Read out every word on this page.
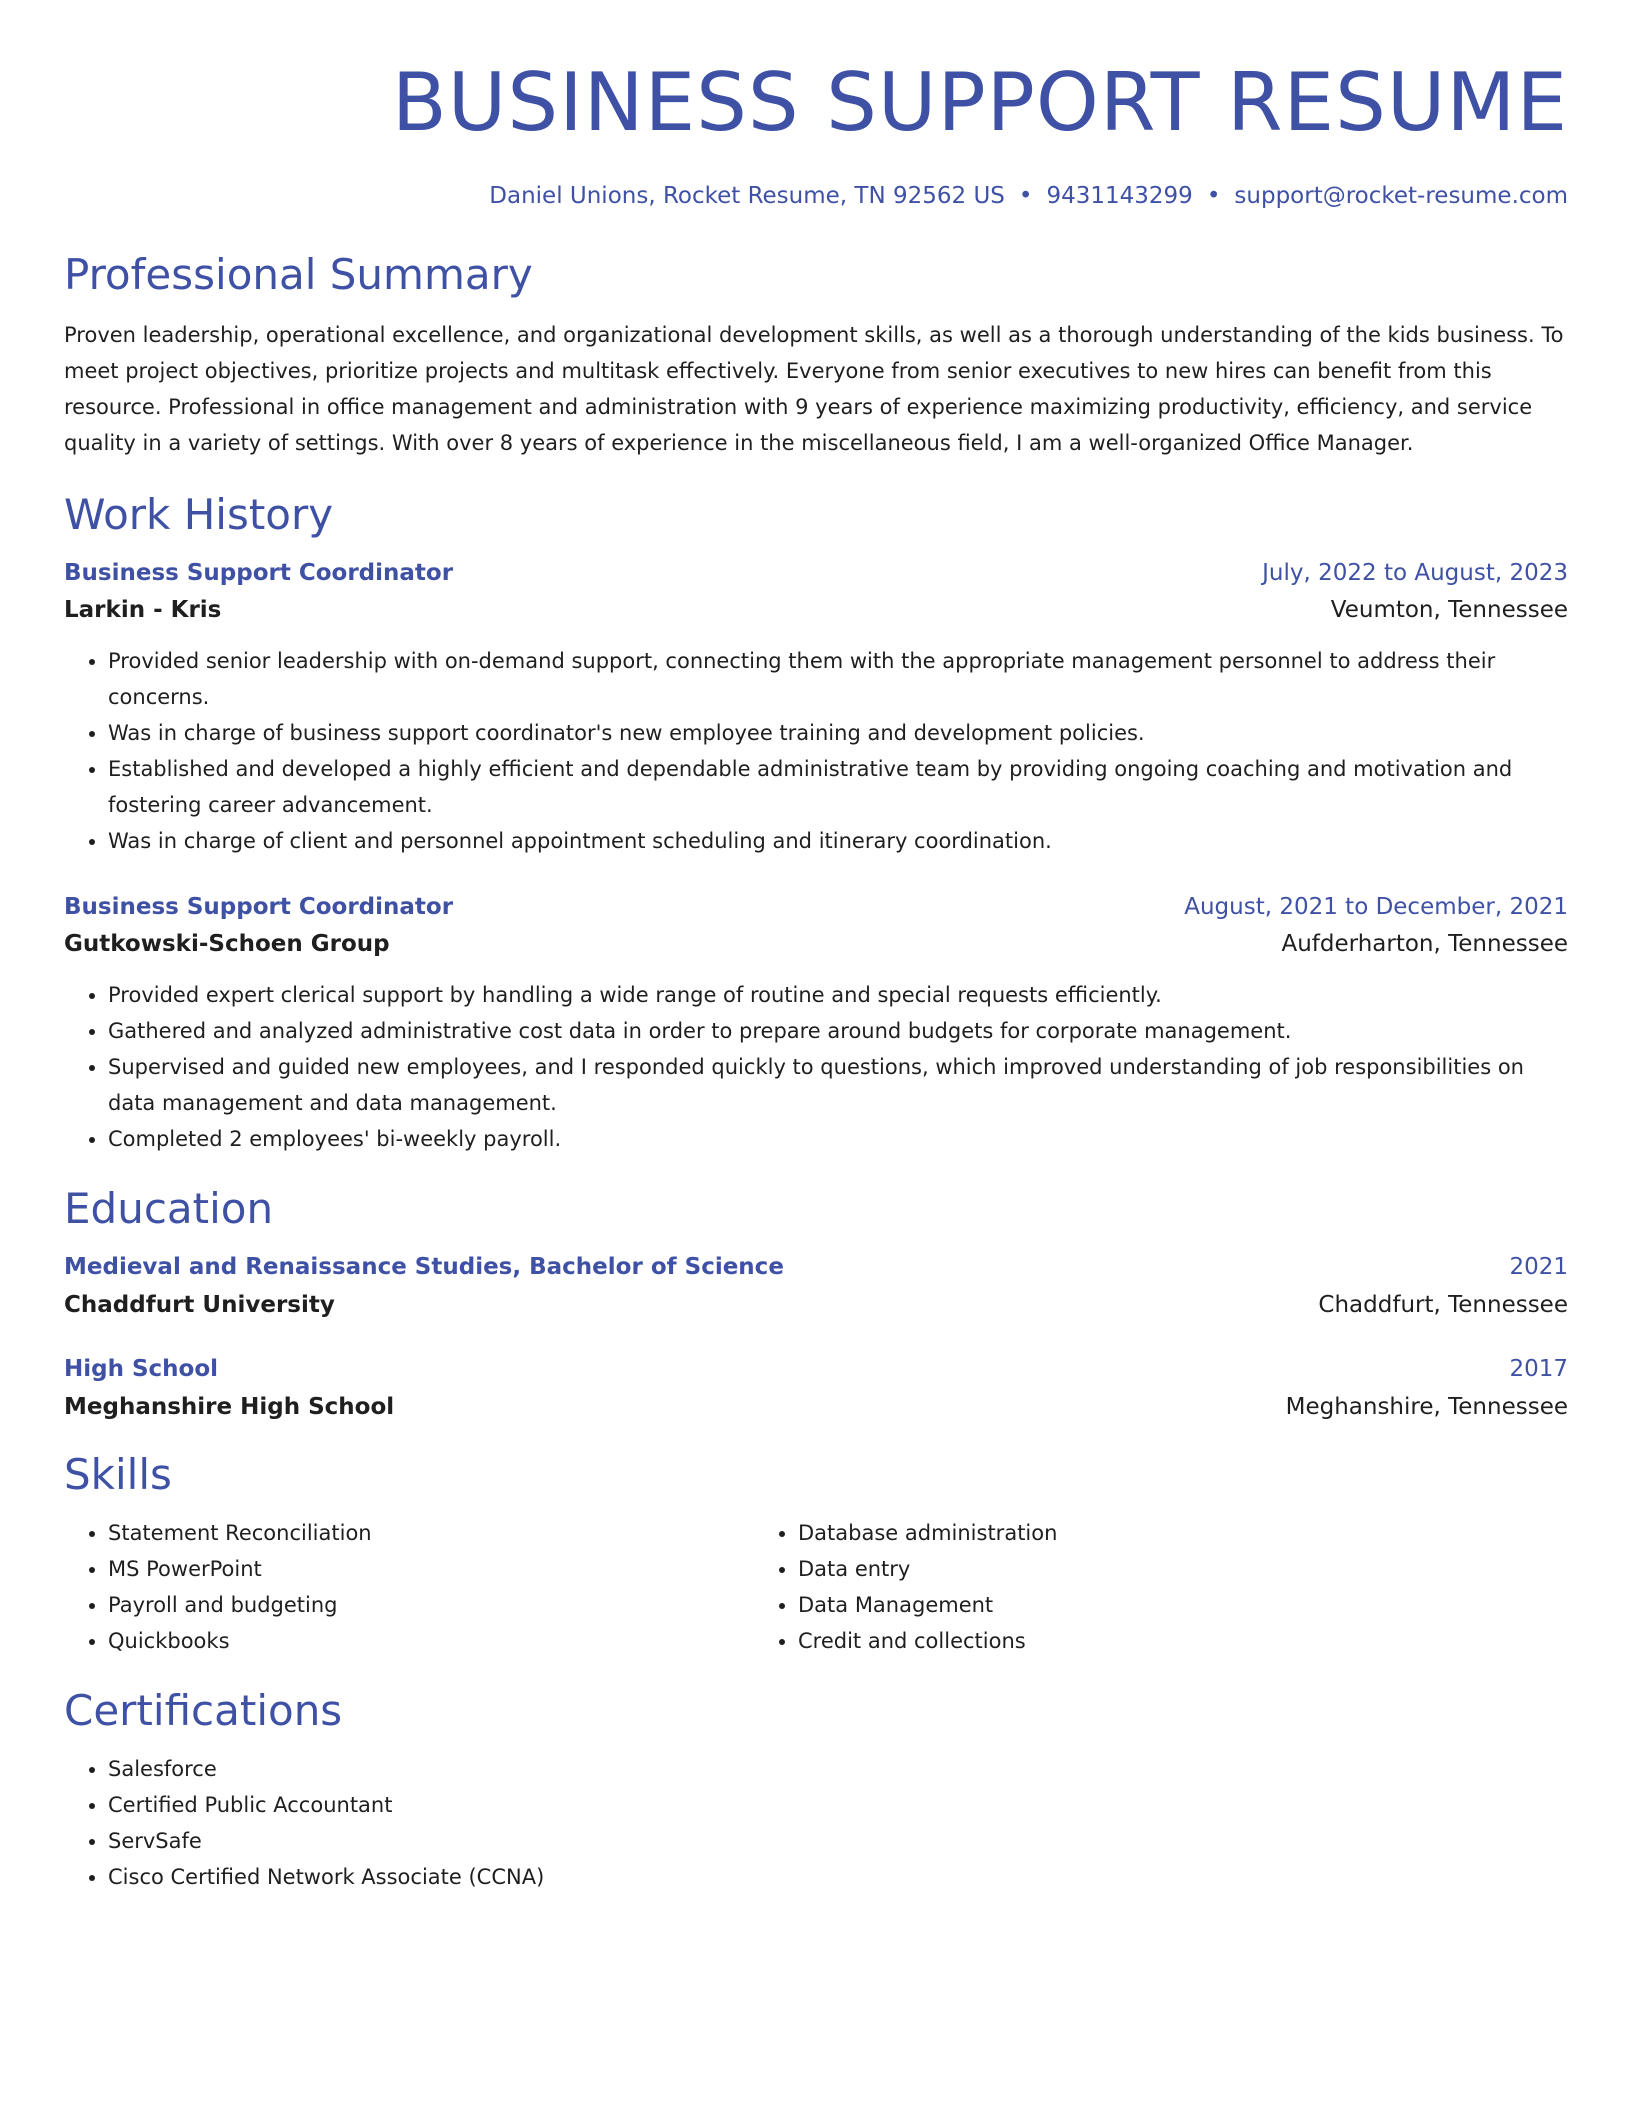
BUSINESS SUPPORT RESUME
Daniel Unions, Rocket Resume, TN 92562 US • 9431143299 • support@rocket-resume.com
Professional Summary
Proven leadership, operational excellence, and organizational development skills, as well as a thorough understanding of the kids business. To meet project objectives, prioritize projects and multitask effectively. Everyone from senior executives to new hires can benefit from this resource. Professional in office management and administration with 9 years of experience maximizing productivity, efficiency, and service quality in a variety of settings. With over 8 years of experience in the miscellaneous field, I am a well-organized Office Manager.
Work History
Business Support Coordinator	July, 2022 to August, 2023
Larkin - Kris	Veumton, Tennessee
• Provided senior leadership with on-demand support, connecting them with the appropriate management personnel to address their concerns.
• Was in charge of business support coordinator's new employee training and development policies.
• Established and developed a highly efficient and dependable administrative team by providing ongoing coaching and motivation and fostering career advancement.
• Was in charge of client and personnel appointment scheduling and itinerary coordination.
Business Support Coordinator	August, 2021 to December, 2021
Gutkowski-Schoen Group	Aufderharton, Tennessee
• Provided expert clerical support by handling a wide range of routine and special requests efficiently.
• Gathered and analyzed administrative cost data in order to prepare around budgets for corporate management.
• Supervised and guided new employees, and I responded quickly to questions, which improved understanding of job responsibilities on data management and data management.
• Completed 2 employees' bi-weekly payroll.
Education
Medieval and Renaissance Studies, Bachelor of Science	2021
Chaddfurt University	Chaddfurt, Tennessee
High School	2017
Meghanshire High School	Meghanshire, Tennessee
Skills
• Statement Reconciliation
• MS PowerPoint
• Payroll and budgeting
• Quickbooks
• Database administration
• Data entry
• Data Management
• Credit and collections
Certifications
• Salesforce
• Certified Public Accountant
• ServSafe
• Cisco Certified Network Associate (CCNA)
